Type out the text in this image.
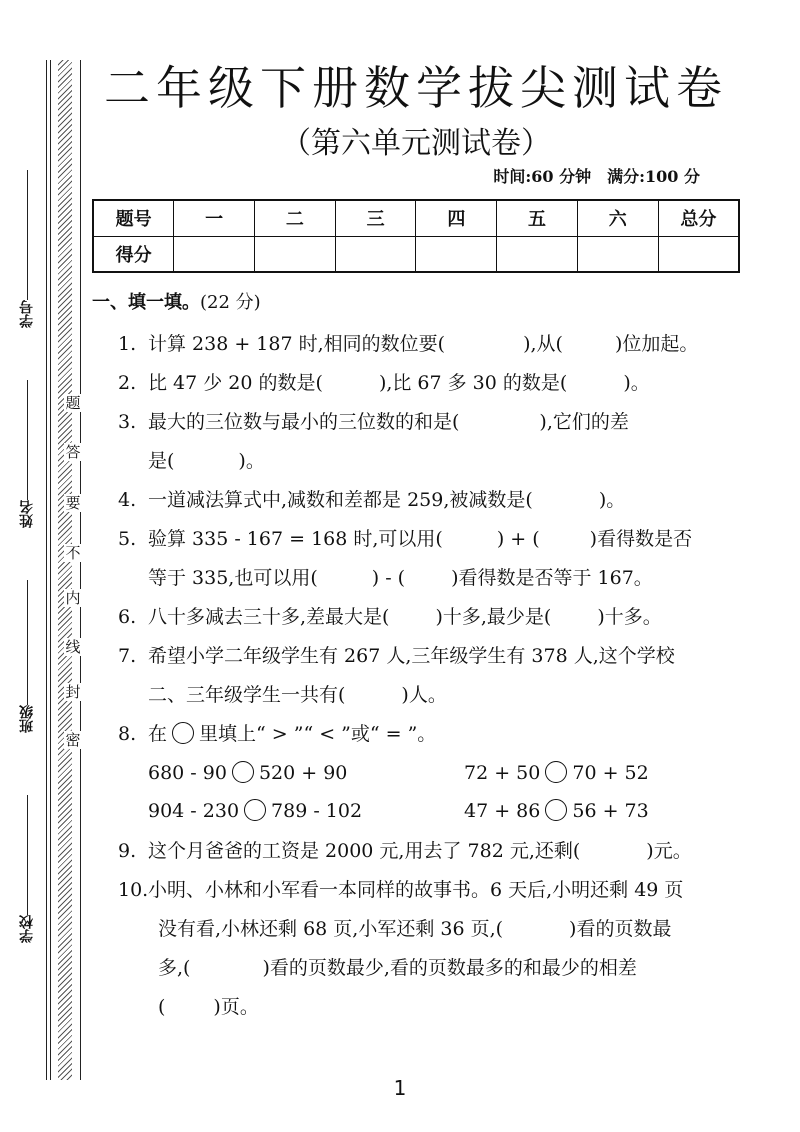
题
答
要
不
内
线
封
密
学号
姓名
班级
学校
二年级下册数学拔尖测试卷
（第六单元测试卷）
时间:60 分钟 满分:100 分
题号	一	二	三	四	五	六	总分
得分							
一、填一填。(22 分)
1. 计算 238 + 187 时,相同的数位要(	),从(	)位加起。
2. 比 47 少 20 的数是(	),比 67 多 30 的数是(	)。
3. 最大的三位数与最小的三位数的和是(	),它们的差
是(	)。
4. 一道减法算式中,减数和差都是 259,被减数是(	)。
5. 验算 335 - 167 = 168 时,可以用(	) + (	)看得数是否
等于 335,也可以用(	) - ( )看得数是否等于 167。
6. 八十多减去三十多,差最大是( )十多,最少是( )十多。
7. 希望小学二年级学生有 267 人,三年级学生有 378 人,这个学校
二、三年级学生一共有(	)人。
8. 在 里填上“ > ”“ < ”或“ = ”。
680 - 90 520 + 90	72 + 50 70 + 52
904 - 230 789 - 102	47 + 86 56 + 73
9. 这个月爸爸的工资是 2000 元,用去了 782 元,还剩(	)元。
10.小明、小林和小军看一本同样的故事书。6 天后,小明还剩 49 页
没有看,小林还剩 68 页,小军还剩 36 页,(	)看的页数最
多,(	)看的页数最少,看的页数最多的和最少的相差
(	)页。
1
